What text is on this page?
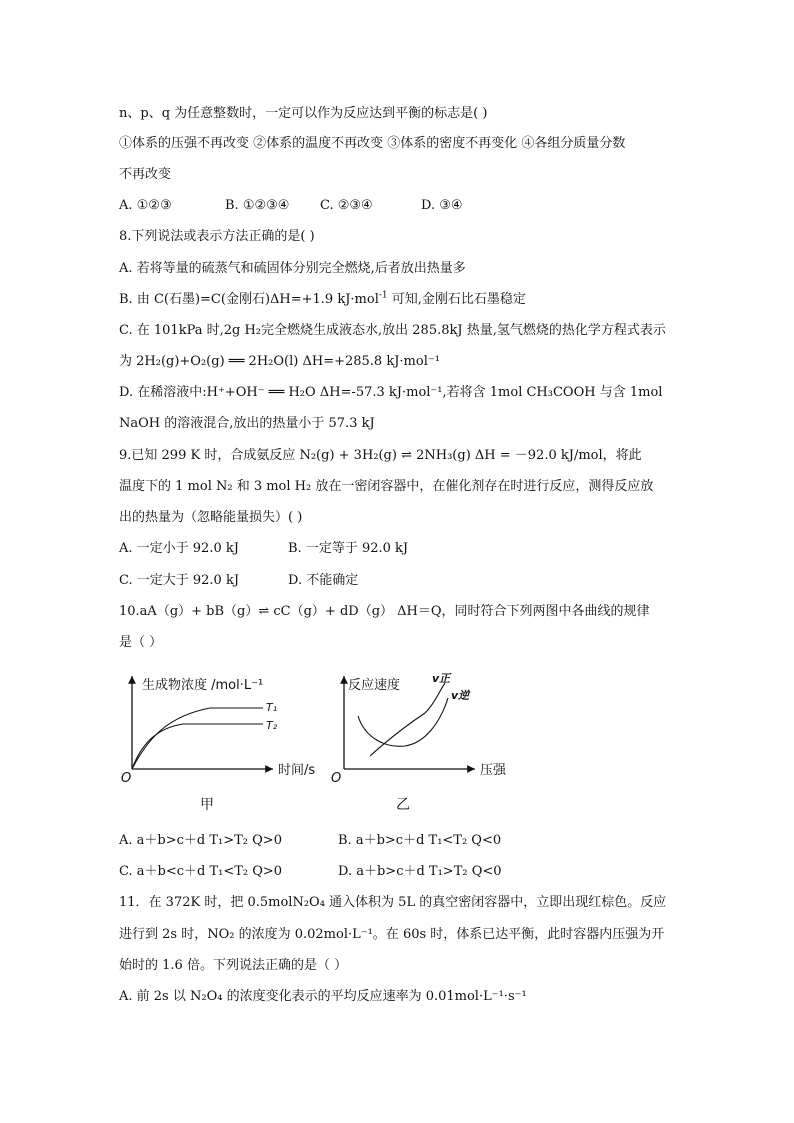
n、p、q 为任意整数时，一定可以作为反应达到平衡的标志是( )
①体系的压强不再改变 ②体系的温度不再改变 ③体系的密度不再变化 ④各组分质量分数
不再改变
A. ①②③	B. ①②③④ C. ②③④	D. ③④
8.下列说法或表示方法正确的是( )
A. 若将等量的硫蒸气和硫固体分别完全燃烧,后者放出热量多
B. 由 C(石墨)=C(金刚石)ΔH=+1.9 kJ·mol$^{-1}$ 可知,金刚石比石墨稳定
C. 在 101kPa 时,2g H₂完全燃烧生成液态水,放出 285.8kJ 热量,氢气燃烧的热化学方程式表示
为 2H₂(g)+O₂(g) ══ 2H₂O(l) ΔH=+285.8 kJ·mol⁻¹
D. 在稀溶液中:H⁺+OH⁻ ══ H₂O ΔH=-57.3 kJ·mol⁻¹,若将含 1mol CH₃COOH 与含 1mol
NaOH 的溶液混合,放出的热量小于 57.3 kJ
9.已知 299 K 时，合成氨反应 N₂(g) + 3H₂(g) ⇌ 2NH₃(g) ΔH = －92.0 kJ/mol，将此
温度下的 1 mol N₂ 和 3 mol H₂ 放在一密闭容器中，在催化剂存在时进行反应，测得反应放
出的热量为（忽略能量损失）( )
A. 一定小于 92.0 kJ	B. 一定等于 92.0 kJ
C. 一定大于 92.0 kJ	D. 不能确定
10.aA（g）+ bB（g）⇌ cC（g）+ dD（g） ΔH＝Q，同时符合下列两图中各曲线的规律
是（ ）
生成物浓度 /mol·L⁻¹
时间/s
O
T₁
T₂
甲
反应速度
压强
O
v正
v逆
乙
A. a＋b>c＋d T₁>T₂ Q>0	B. a＋b>c＋d T₁<T₂ Q<0
C. a＋b<c＋d T₁<T₂ Q>0	D. a＋b>c＋d T₁>T₂ Q<0
11．在 372K 时，把 0.5molN₂O₄ 通入体积为 5L 的真空密闭容器中，立即出现红棕色。反应
进行到 2s 时，NO₂ 的浓度为 0.02mol·L⁻¹。在 60s 时，体系已达平衡，此时容器内压强为开
始时的 1.6 倍。下列说法正确的是（ ）
A. 前 2s 以 N₂O₄ 的浓度变化表示的平均反应速率为 0.01mol·L⁻¹·s⁻¹
